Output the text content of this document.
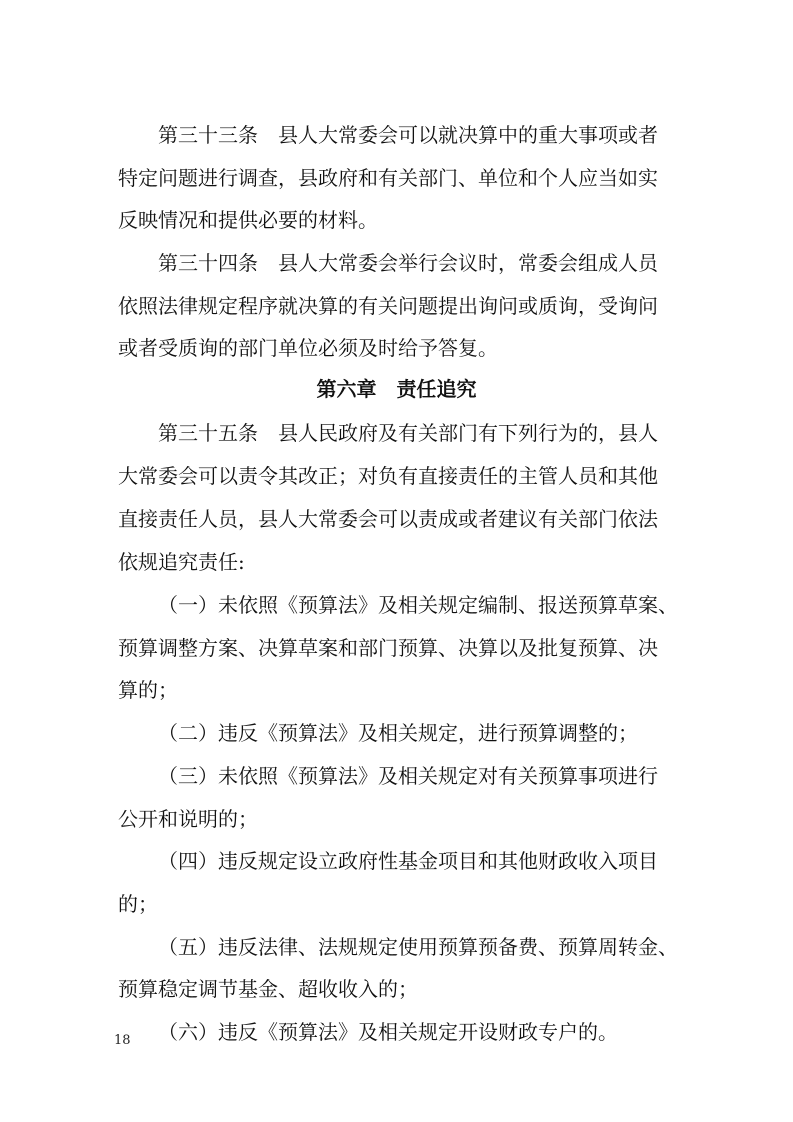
第三十三条　县人大常委会可以就决算中的重大事项或者
特定问题进行调查，县政府和有关部门、单位和个人应当如实
反映情况和提供必要的材料。
第三十四条　县人大常委会举行会议时，常委会组成人员
依照法律规定程序就决算的有关问题提出询问或质询，受询问
或者受质询的部门单位必须及时给予答复。
第六章　责任追究
第三十五条　县人民政府及有关部门有下列行为的，县人
大常委会可以责令其改正；对负有直接责任的主管人员和其他
直接责任人员，县人大常委会可以责成或者建议有关部门依法
依规追究责任:
（一）未依照《预算法》及相关规定编制、报送预算草案、
预算调整方案、决算草案和部门预算、决算以及批复预算、决
算的；
（二）违反《预算法》及相关规定，进行预算调整的；
（三）未依照《预算法》及相关规定对有关预算事项进行
公开和说明的；
（四）违反规定设立政府性基金项目和其他财政收入项目
的；
（五）违反法律、法规规定使用预算预备费、预算周转金、
预算稳定调节基金、超收收入的；
（六）违反《预算法》及相关规定开设财政专户的。
18
